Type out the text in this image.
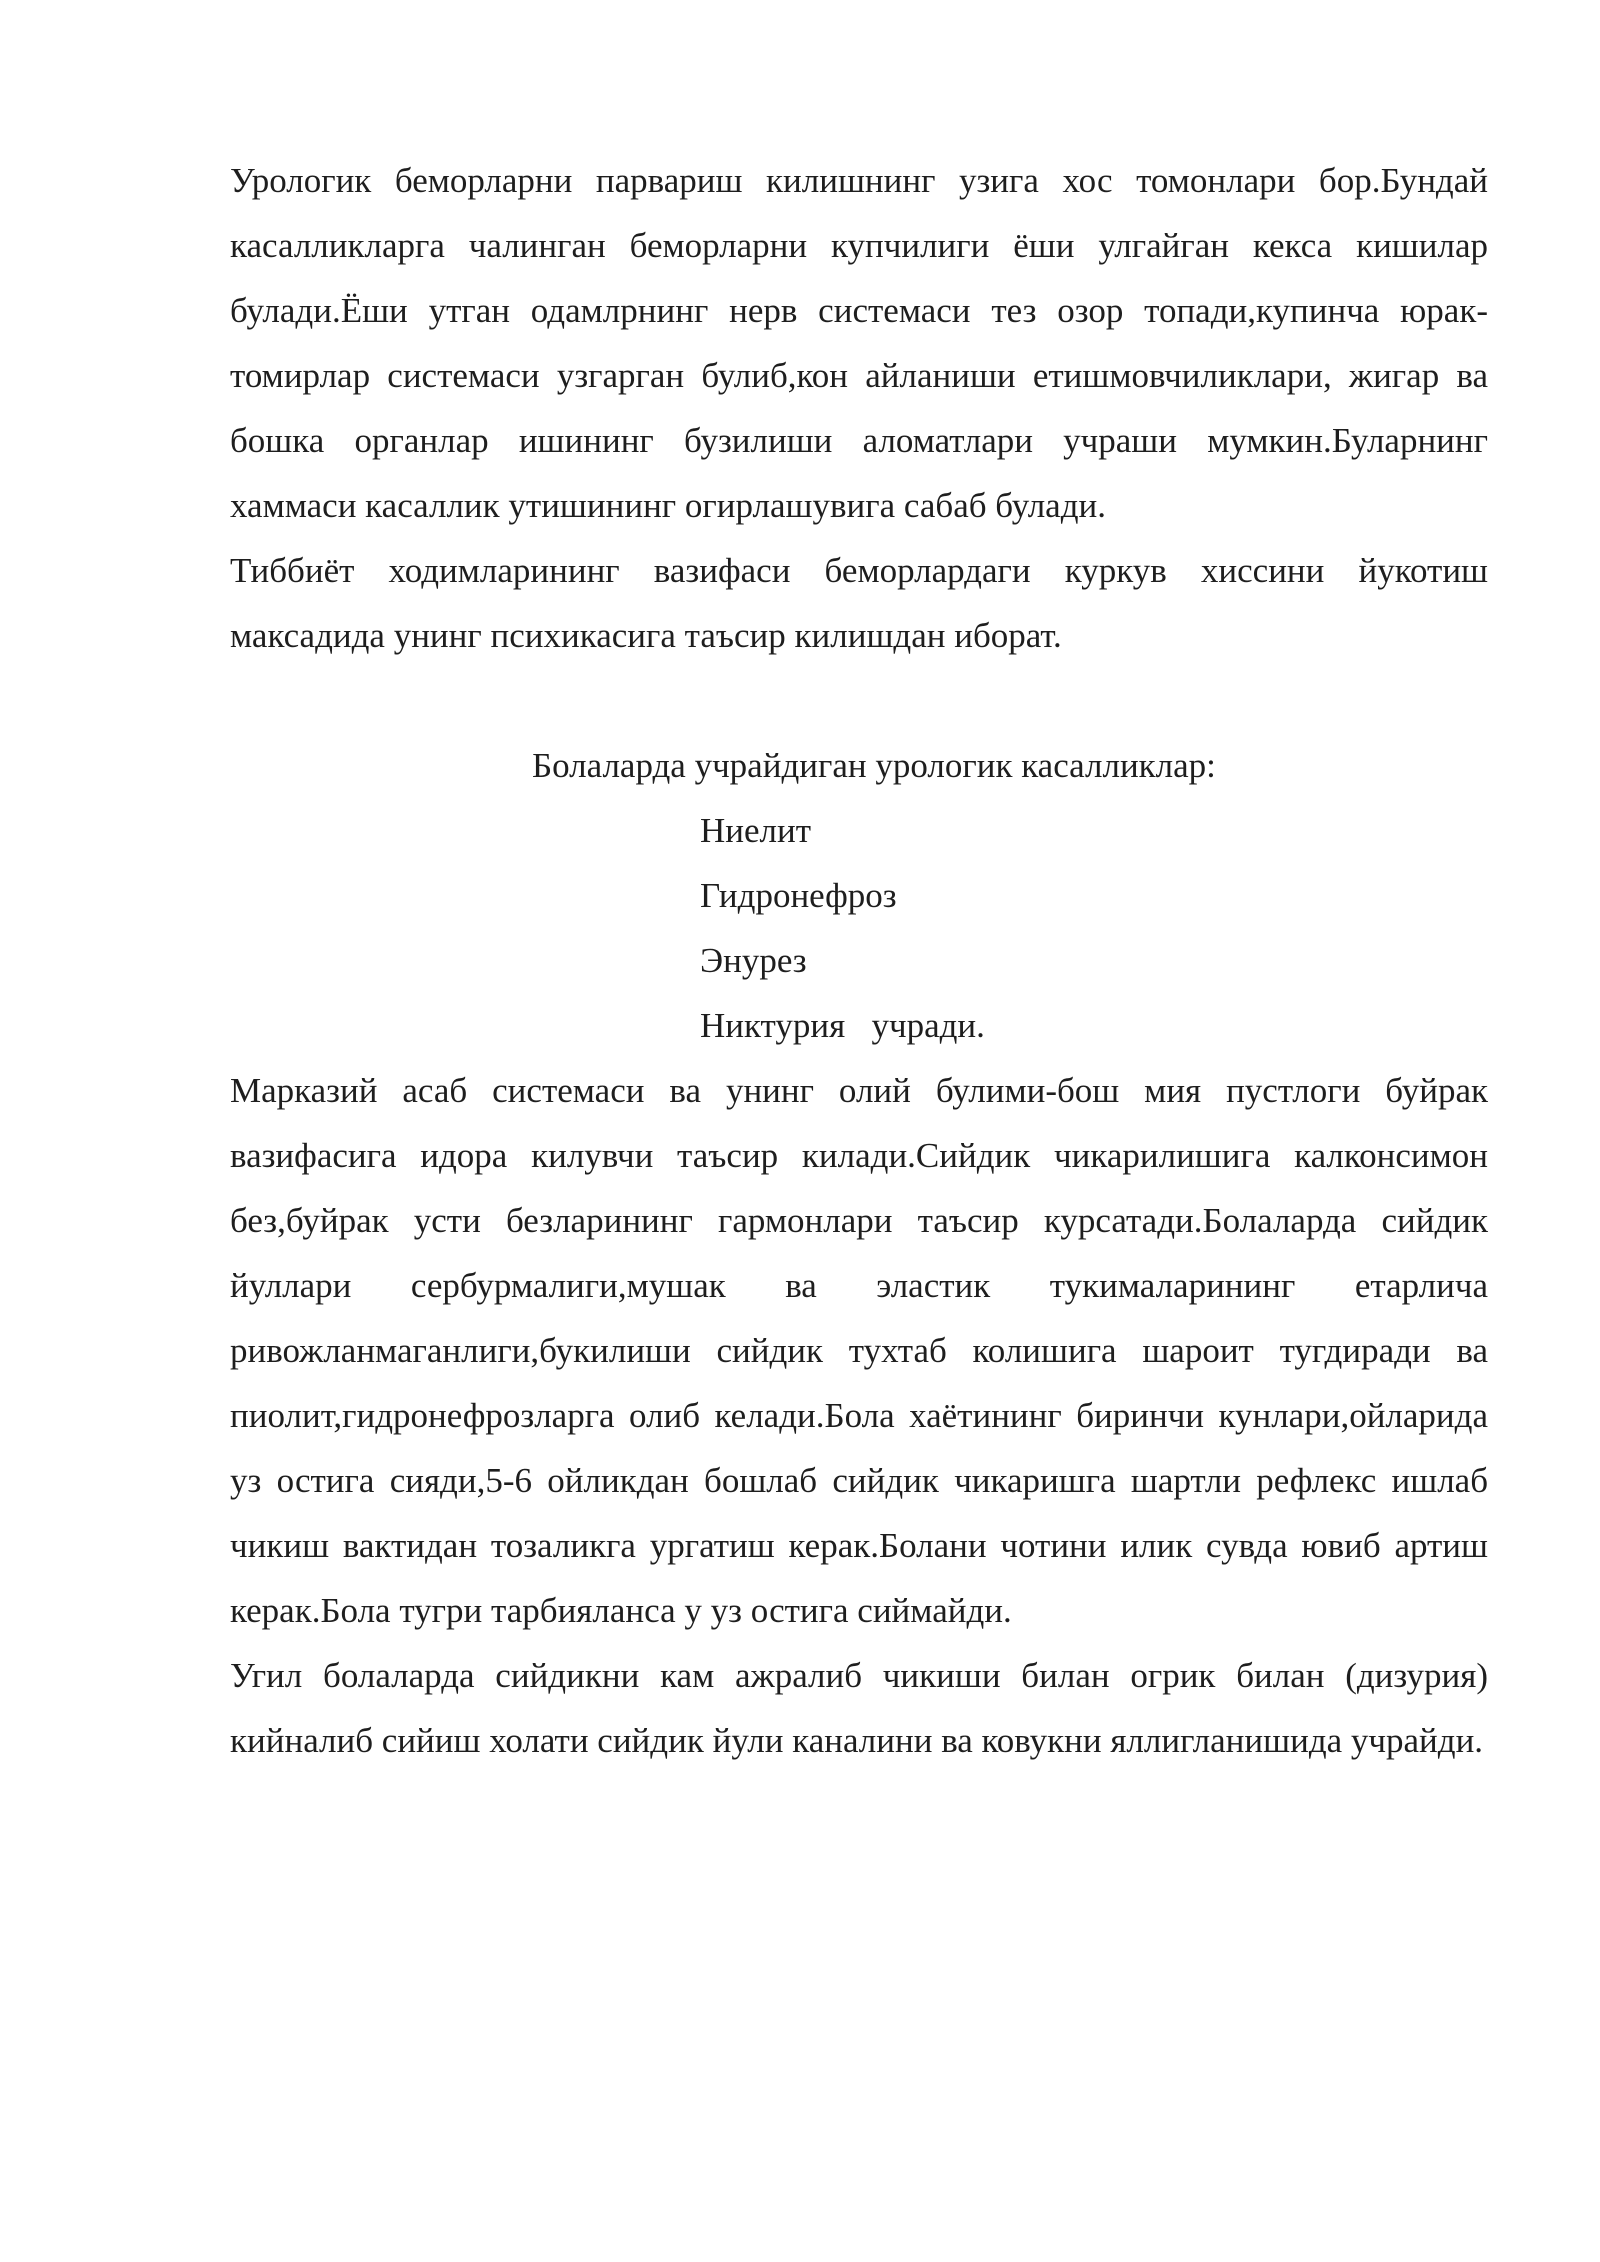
Урологик беморларни парвариш килишнинг узига хос томонлари бор.Бундай касалликларга чалинган беморларни купчилиги ёши улгайган кекса кишилар булади.Ёши утган одамлрнинг нерв системаси тез озор топади,купинча юрак-томирлар системаси узгарган булиб,кон айланиши етишмовчиликлари, жигар ва бошка органлар ишининг бузилиши аломатлари учраши мумкин.Буларнинг хаммаси касаллик утишининг огирлашувига сабаб булади.

Тиббиёт ходимларининг вазифаси беморлардаги куркув хиссини йукотиш максадида унинг психикасига таъсир килишдан иборат.

Болаларда учрайдиган урологик касалликлар:

Ниелит
Гидронефроз
Энурез
Никтурия   учради.

Марказий асаб системаси ва унинг олий булими-бош мия пустлоги буйрак вазифасига идора килувчи таъсир килади.Сийдик чикарилишига калконсимон без,буйрак усти безларининг гармонлари таъсир курсатади.Болаларда сийдик йуллари сербурмалиги,мушак ва эластик тукималарининг етарлича ривожланмаганлиги,букилиши сийдик тухтаб колишига шароит тугдиради ва пиолит,гидронефрозларга олиб келади.Бола хаётининг биринчи кунлари,ойларида уз остига сияди,5-6 ойликдан бошлаб сийдик чикаришга шартли рефлекс ишлаб чикиш вактидан тозаликга ургатиш керак.Болани чотини илик сувда ювиб артиш керак.Бола тугри тарбияланса у уз остига сиймайди.

Угил болаларда сийдикни кам ажралиб чикиши билан огрик билан (дизурия) кийналиб сийиш холати сийдик йули каналини ва ковукни яллигланишида учрайди.
